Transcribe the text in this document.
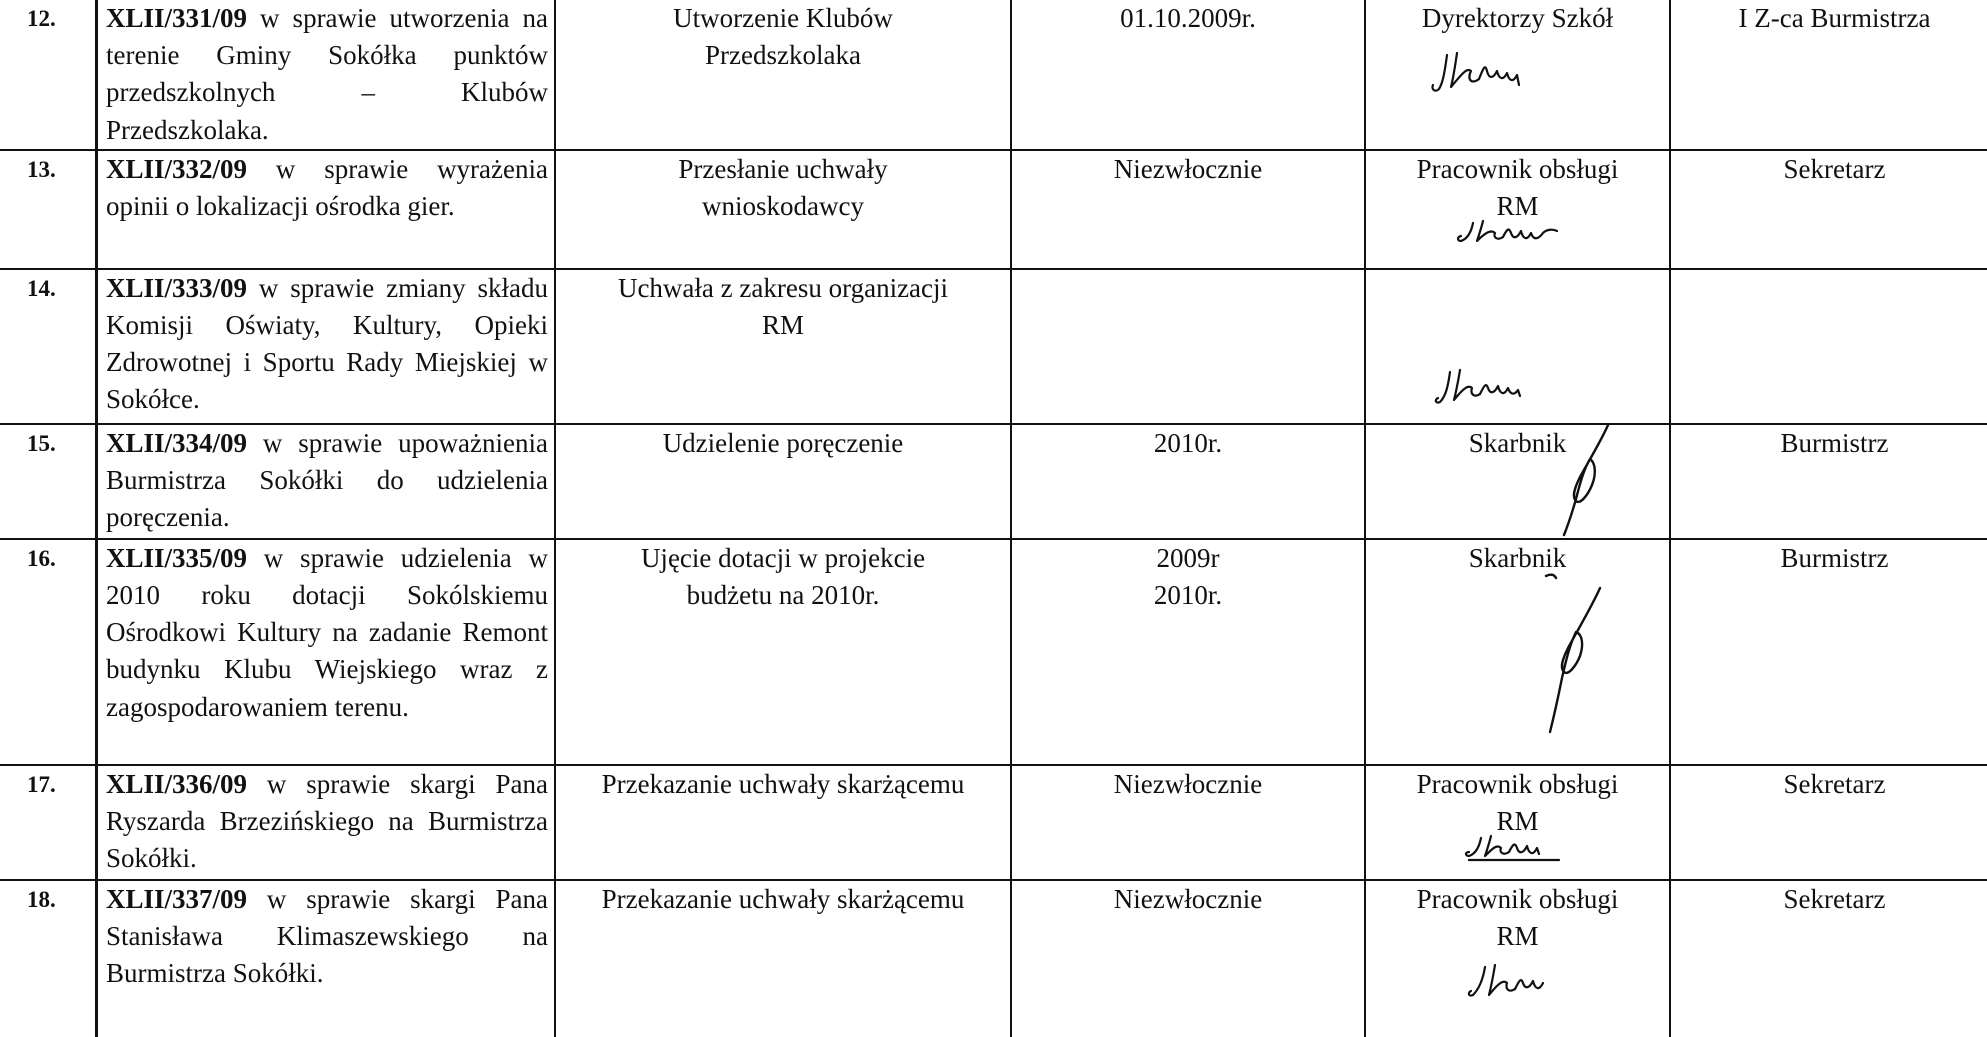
12.	XLII/331/09 w sprawie utworzenia na terenie Gminy Sokółka punktów przedszkolnych – Klubów Przedszkolaka.	Utworzenie Klubów
Przedszkolaka	01.10.2009r.	Dyrektorzy Szkół	I Z-ca Burmistrza

13.	XLII/332/09 w sprawie wyrażenia opinii o lokalizacji ośrodka gier.	Przesłanie uchwały
wnioskodawcy	Niezwłocznie	Pracownik obsługi
RM	Sekretarz

14.	XLII/333/09 w sprawie zmiany składu Komisji Oświaty, Kultury, Opieki Zdrowotnej i Sportu Rady Miejskiej w Sokółce.	Uchwała z zakresu organizacji
RM

15.	XLII/334/09 w sprawie upoważnienia Burmistrza Sokółki do udzielenia poręczenia.	Udzielenie poręczenie	2010r.	Skarbnik	Burmistrz

16.	XLII/335/09 w sprawie udzielenia w 2010 roku dotacji Sokólskiemu Ośrodkowi Kultury na zadanie Remont budynku Klubu Wiejskiego wraz z zagospodarowaniem terenu.	Ujęcie dotacji w projekcie
budżetu na 2010r.	2009r
2010r.	Skarbnik	Burmistrz

17.	XLII/336/09 w sprawie skargi Pana Ryszarda Brzezińskiego na Burmistrza Sokółki.	Przekazanie uchwały skarżącemu	Niezwłocznie	Pracownik obsługi
RM	Sekretarz

18.	XLII/337/09 w sprawie skargi Pana Stanisława Klimaszewskiego na Burmistrza Sokółki.	Przekazanie uchwały skarżącemu	Niezwłocznie	Pracownik obsługi
RM	Sekretarz
